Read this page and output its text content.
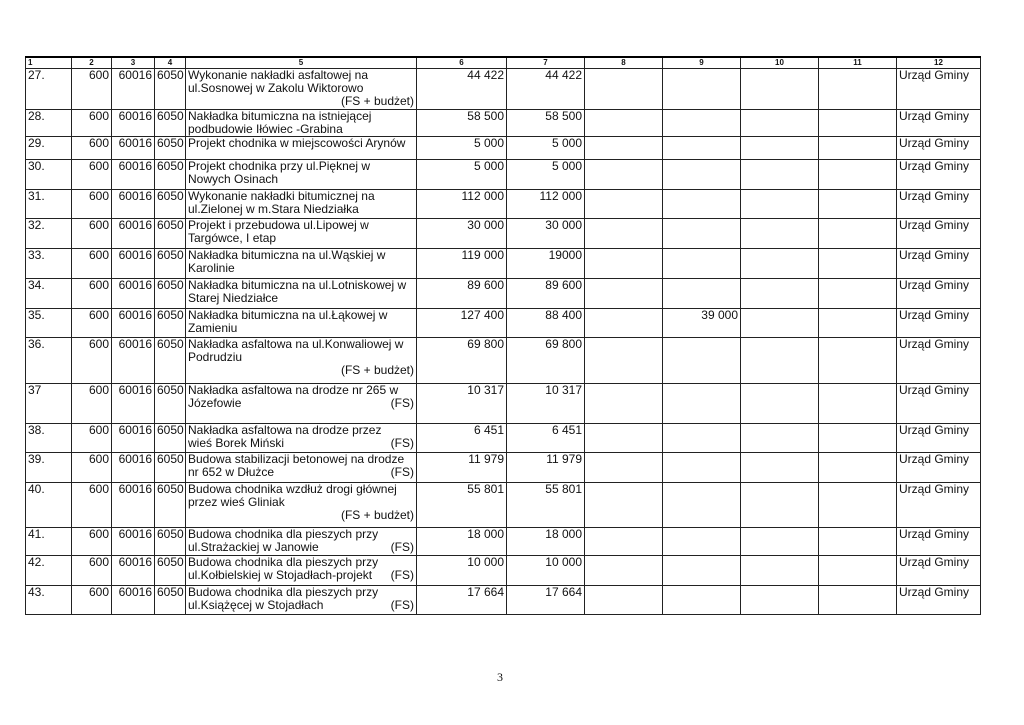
1	2	3	4	5	6	7	8	9	10	11	12
27.	600	60016	6050	Wykonanie nakładki asfaltowej na
ul.Sosnowej w Zakolu Wiktorowo
(FS + budżet)	44 422	44 422					Urząd Gminy
28.	600	60016	6050	Nakładka bitumiczna na istniejącej
podbudowie Iłówiec -Grabina	58 500	58 500					Urząd Gminy
29.	600	60016	6050	Projekt chodnika w miejscowości Arynów	5 000	5 000					Urząd Gminy
30.	600	60016	6050	Projekt chodnika przy ul.Pięknej w
Nowych Osinach	5 000	5 000					Urząd Gminy
31.	600	60016	6050	Wykonanie nakładki bitumicznej na
ul.Zielonej w m.Stara Niedziałka	112 000	112 000					Urząd Gminy
32.	600	60016	6050	Projekt i przebudowa ul.Lipowej w
Targówce, I etap	30 000	30 000					Urząd Gminy
33.	600	60016	6050	Nakładka bitumiczna na ul.Wąskiej w
Karolinie	119 000	19000					Urząd Gminy
34.	600	60016	6050	Nakładka bitumiczna na ul.Lotniskowej w
Starej Niedziałce	89 600	89 600					Urząd Gminy
35.	600	60016	6050	Nakładka bitumiczna na ul.Łąkowej w
Zamieniu	127 400	88 400		39 000			Urząd Gminy
36.	600	60016	6050	Nakładka asfaltowa na ul.Konwaliowej w
Podrudziu
(FS + budżet)	69 800	69 800					Urząd Gminy
37	600	60016	6050	Nakładka asfaltowa na drodze nr 265 w
Józefowie (FS)	10 317	10 317					Urząd Gminy
38.	600	60016	6050	Nakładka asfaltowa na drodze przez
wieś Borek Miński (FS)	6 451	6 451					Urząd Gminy
39.	600	60016	6050	Budowa stabilizacji betonowej na drodze
nr 652 w Dłużce (FS)	11 979	11 979					Urząd Gminy
40.	600	60016	6050	Budowa chodnika wzdłuż drogi głównej
przez wieś Gliniak
(FS + budżet)	55 801	55 801					Urząd Gminy
41.	600	60016	6050	Budowa chodnika dla pieszych przy
ul.Strażackiej w Janowie (FS)	18 000	18 000					Urząd Gminy
42.	600	60016	6050	Budowa chodnika dla pieszych przy
ul.Kołbielskiej w Stojadłach-projekt (FS)	10 000	10 000					Urząd Gminy
43.	600	60016	6050	Budowa chodnika dla pieszych przy
ul.Książęcej w Stojadłach (FS)	17 664	17 664					Urząd Gminy
3
